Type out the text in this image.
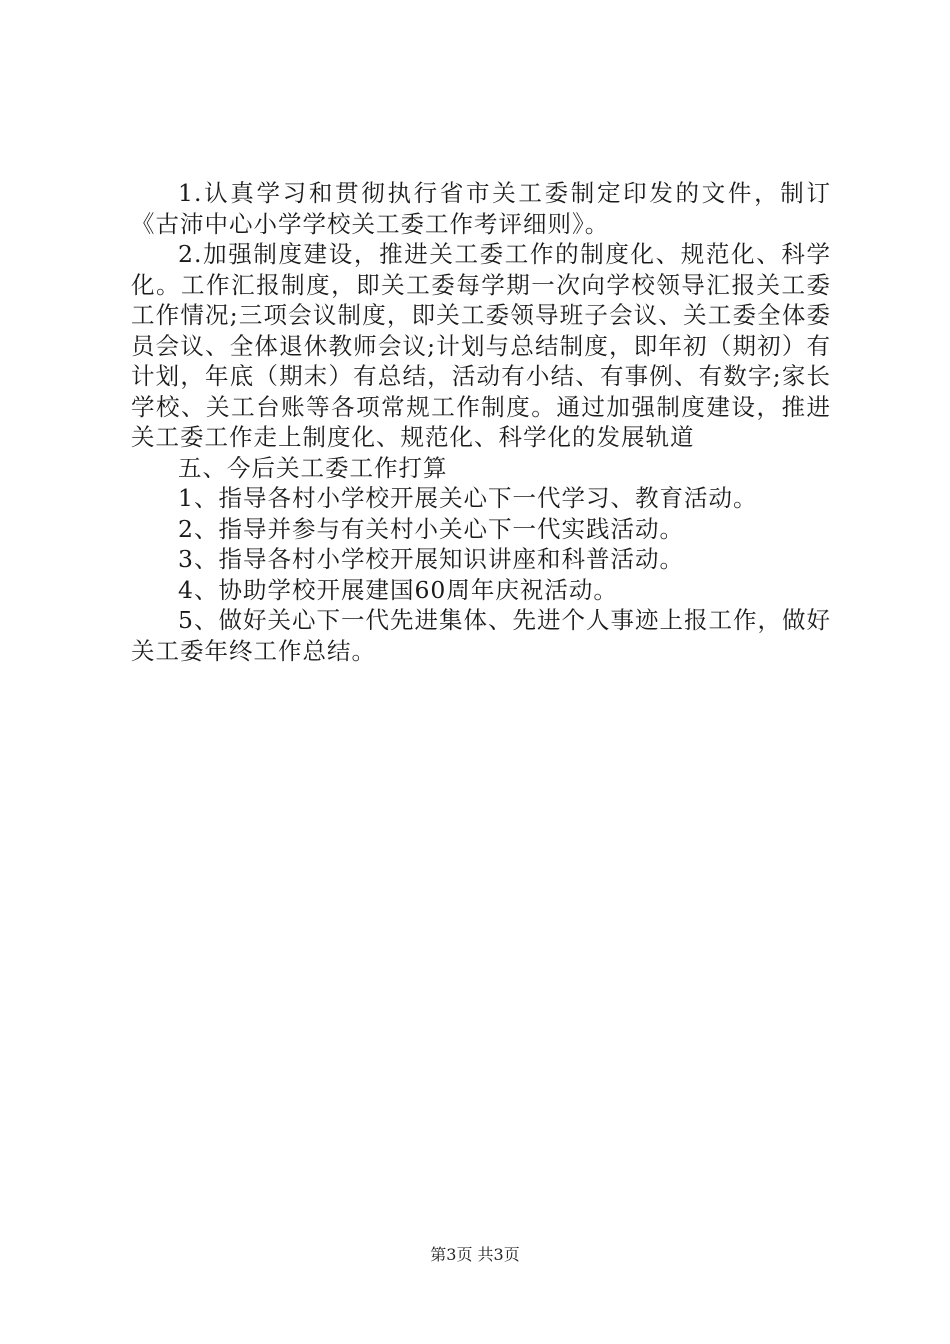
1.认真学习和贯彻执行省市关工委制定印发的文件，制订《古沛中心小学学校关工委工作考评细则》。

2.加强制度建设，推进关工委工作的制度化、规范化、科学化。工作汇报制度，即关工委每学期一次向学校领导汇报关工委工作情况;三项会议制度，即关工委领导班子会议、关工委全体委员会议、全体退休教师会议;计划与总结制度，即年初（期初）有计划，年底（期末）有总结，活动有小结、有事例、有数字;家长学校、关工台账等各项常规工作制度。通过加强制度建设，推进关工委工作走上制度化、规范化、科学化的发展轨道

五、今后关工委工作打算

1、指导各村小学校开展关心下一代学习、教育活动。

2、指导并参与有关村小关心下一代实践活动。

3、指导各村小学校开展知识讲座和科普活动。

4、协助学校开展建国60周年庆祝活动。

5、做好关心下一代先进集体、先进个人事迹上报工作，做好关工委年终工作总结。

第3页 共3页
